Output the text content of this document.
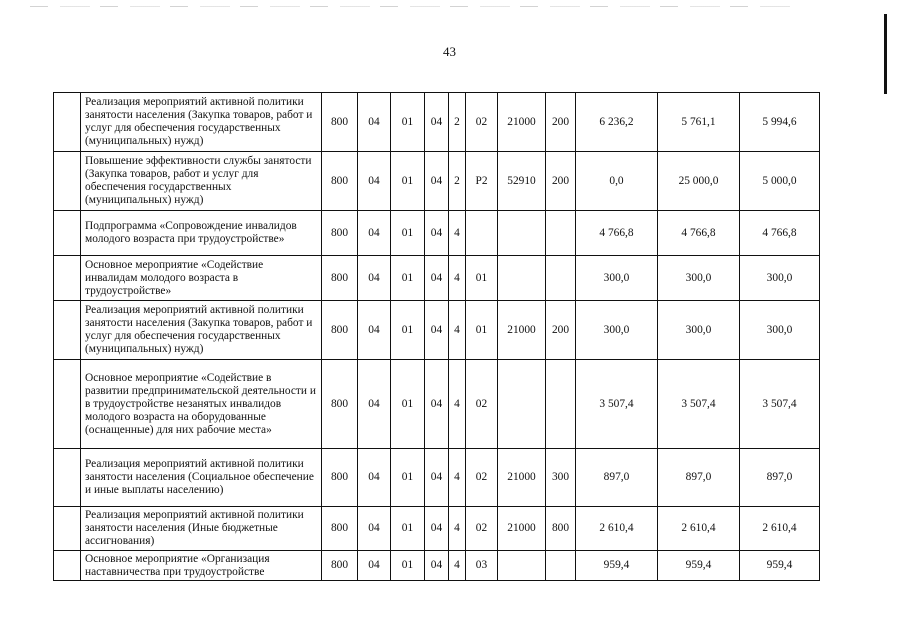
43
	Реализация мероприятий активной политики занятости населения (Закупка товаров, работ и услуг для обеспечения государственных (муниципальных) нужд)	800	04	01	04	2	02	21000	200	6 236,2	5 761,1	5 994,6
	Повышение эффективности службы занятости (Закупка товаров, работ и услуг для обеспечения государственных (муниципальных) нужд)	800	04	01	04	2	Р2	52910	200	0,0	25 000,0	5 000,0
	Подпрограмма «Сопровождение инвалидов молодого возраста при трудоустройстве»	800	04	01	04	4				4 766,8	4 766,8	4 766,8
	Основное мероприятие «Содействие инвалидам молодого возраста в трудоустройстве»	800	04	01	04	4	01			300,0	300,0	300,0
	Реализация мероприятий активной политики занятости населения (Закупка товаров, работ и услуг для обеспечения государственных (муниципальных) нужд)	800	04	01	04	4	01	21000	200	300,0	300,0	300,0
	Основное мероприятие «Содействие в развитии предпринимательской деятельности и в трудоустройстве незанятых инвалидов молодого возраста на оборудованные (оснащенные) для них рабочие места»	800	04	01	04	4	02			3 507,4	3 507,4	3 507,4
	Реализация мероприятий активной политики занятости населения (Социальное обеспечение и иные выплаты населению)	800	04	01	04	4	02	21000	300	897,0	897,0	897,0
	Реализация мероприятий активной политики занятости населения (Иные бюджетные ассигнования)	800	04	01	04	4	02	21000	800	2 610,4	2 610,4	2 610,4
	Основное мероприятие «Организация наставничества при трудоустройстве	800	04	01	04	4	03			959,4	959,4	959,4
